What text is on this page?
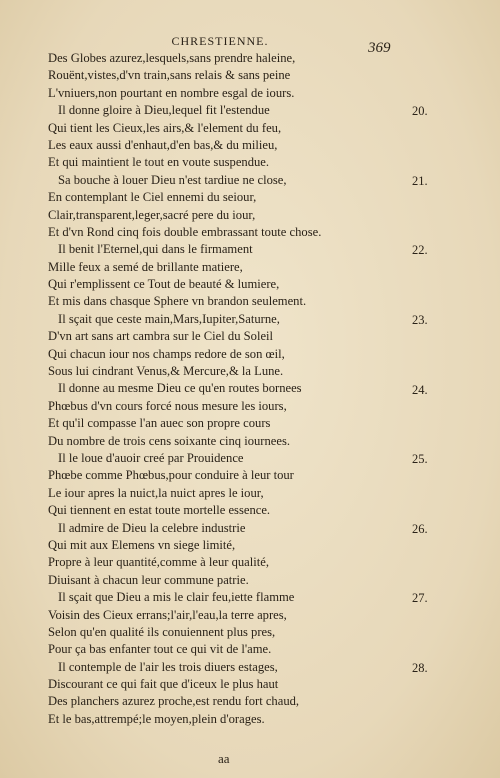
CHRESTIENNE.	369
Des Globes azurez,lesquels,sans prendre haleine,
Rouënt,vistes,d'vn train,sans relais & sans peine
L'vniuers,non pourtant en nombre esgal de iours.
Il donne gloire à Dieu,lequel fit l'estendue
Qui tient les Cieux,les airs,& l'element du feu,
Les eaux aussi d'enhaut,d'en bas,& du milieu,
Et qui maintient le tout en voute suspendue.
Sa bouche à louer Dieu n'est tardiue ne close,
En contemplant le Ciel ennemi du seiour,
Clair,transparent,leger,sacré pere du iour,
Et d'vn Rond cinq fois double embrassant toute chose.
Il benit l'Eternel,qui dans le firmament
Mille feux a semé de brillante matiere,
Qui r'emplissent ce Tout de beauté & lumiere,
Et mis dans chasque Sphere vn brandon seulement.
Il sçait que ceste main,Mars,Iupiter,Saturne,
D'vn art sans art cambra sur le Ciel du Soleil
Qui chacun iour nos champs redore de son œil,
Sous lui cindrant Venus,& Mercure,& la Lune.
Il donne au mesme Dieu ce qu'en routes bornees
Phœbus d'vn cours forcé nous mesure les iours,
Et qu'il compasse l'an auec son propre cours
Du nombre de trois cens soixante cinq iournees.
Il le loue d'auoir creé par Prouidence
Phœbe comme Phœbus,pour conduire à leur tour
Le iour apres la nuict,la nuict apres le iour,
Qui tiennent en estat toute mortelle essence.
Il admire de Dieu la celebre industrie
Qui mit aux Elemens vn siege limité,
Propre à leur quantité,comme à leur qualité,
Diuisant à chacun leur commune patrie.
Il sçait que Dieu a mis le clair feu,iette flamme
Voisin des Cieux errans;l'air,l'eau,la terre apres,
Selon qu'en qualité ils conuiennent plus pres,
Pour ça bas enfanter tout ce qui vit de l'ame.
Il contemple de l'air les trois diuers estages,
Discourant ce qui fait que d'iceux le plus haut
Des planchers azurez proche,est rendu fort chaud,
Et le bas,attrempé;le moyen,plein d'orages.
20.
21.
22.
23.
24.
25.
26.
27.
28.
aa
